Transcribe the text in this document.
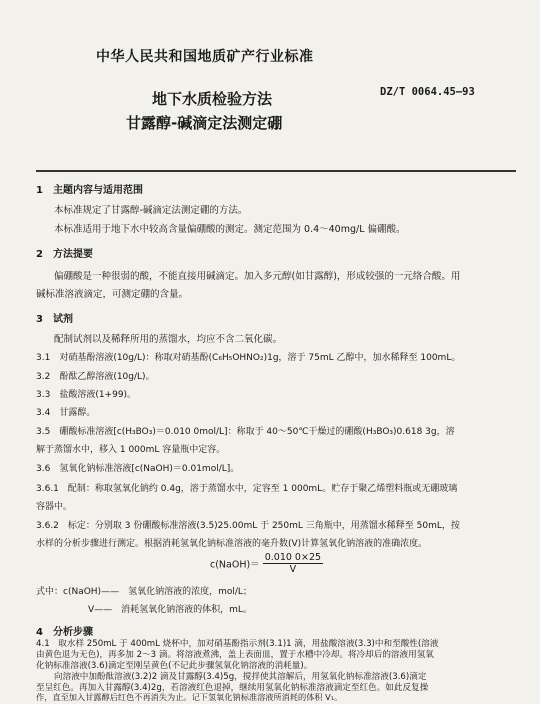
中华人民共和国地质矿产行业标准
地下水质检验方法
甘露醇-碱滴定法测定硼
DZ/T 0064.45—93
1　主题内容与适用范围
本标准规定了甘露醇-碱滴定法测定硼的方法。
本标准适用于地下水中较高含量偏硼酸的测定。测定范围为 0.4～40mg/L 偏硼酸。
2　方法提要
偏硼酸是一种很弱的酸，不能直接用碱滴定。加入多元醇(如甘露醇)，形成较强的一元络合酸。用
碱标准溶液滴定，可测定硼的含量。
3　试剂
配制试剂以及稀释所用的蒸馏水，均应不含二氧化碳。
3.1　对硝基酚溶液(10g/L)：称取对硝基酚(C₆H₅OHNO₂)1g，溶于 75mL 乙醇中，加水稀释至 100mL。
3.2　酚酞乙醇溶液(10g/L)。
3.3　盐酸溶液(1+99)。
3.4　甘露醇。
3.5　硼酸标准溶液[c(H₃BO₃)＝0.010 0mol/L]：称取于 40～50℃干燥过的硼酸(H₃BO₃)0.618 3g，溶
解于蒸馏水中，移入 1 000mL 容量瓶中定容。
3.6　氢氧化钠标准溶液[c(NaOH)＝0.01mol/L]。
3.6.1　配制：称取氢氧化钠约 0.4g，溶于蒸馏水中，定容至 1 000mL。贮存于聚乙烯塑料瓶或无硼玻璃
容器中。
3.6.2　标定：分别取 3 份硼酸标准溶液(3.5)25.00mL 于 250mL 三角瓶中，用蒸馏水稀释至 50mL，按
水样的分析步骤进行测定。根据消耗氢氧化钠标准溶液的毫升数(V)计算氢氧化钠溶液的准确浓度。
c(NaOH)＝ $\frac{0.010 0\times 25}{V}$
式中：c(NaOH)——　氢氧化钠溶液的浓度，mol/L；
V——　消耗氢氧化钠溶液的体积，mL。
4　分析步骤
4.1　取水样 250mL 于 400mL 烧杯中，加对硝基酚指示剂(3.1)1 滴，用盐酸溶液(3.3)中和至酸性(溶液
由黄色退为无色)，再多加 2～3 滴。将溶液煮沸，盖上表面皿，置于水槽中冷却。将冷却后的溶液用氢氧
化钠标准溶液(3.6)滴定至刚呈黄色(不记此步骤氢氧化钠溶液的消耗量)。
向溶液中加酚酞溶液(3.2)2 滴及甘露醇(3.4)5g，搅拌使其溶解后，用氢氧化钠标准溶液(3.6)滴定
至呈红色。再加入甘露醇(3.4)2g，若溶液红色退掉，继续用氢氧化钠标准溶液滴定至红色。如此反复操
作，直至加入甘露醇后红色不再消失为止。记下氢氧化钠标准溶液所消耗的体积 V₁。
